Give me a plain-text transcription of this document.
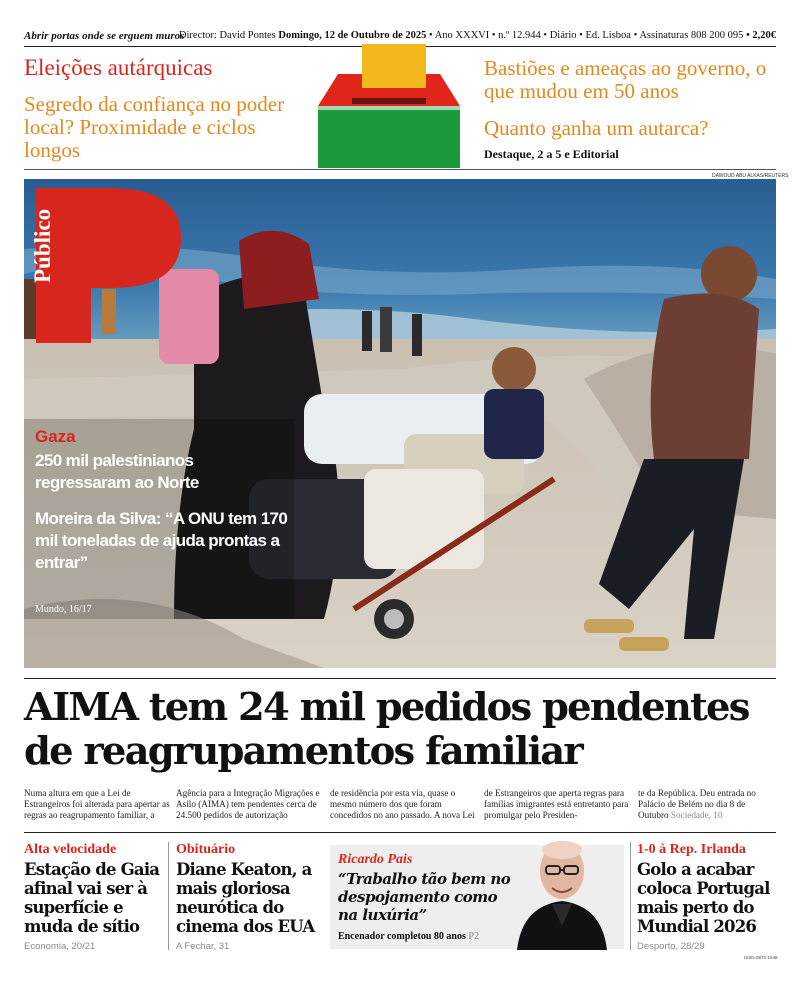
Abrir portas onde se erguem muros
Director: David Pontes Domingo, 12 de Outubro de 2025 • Ano XXXVI • n.º 12.944 • Diário • Ed. Lisboa • Assinaturas 808 200 095 • 2,20€
Eleições autárquicas
Segredo da confiança no poder local? Proximidade e ciclos longos
Bastiões e ameaças ao governo, o que mudou em 50 anos
Quanto ganha um autarca?
Destaque, 2 a 5 e Editorial
DAWOUD ABU ALKAS/REUTERS
Público
Gaza
250 mil palestinianos regressaram ao Norte
Moreira da Silva: “A ONU tem 170 mil toneladas de ajuda prontas a entrar”
Mundo, 16/17
AIMA tem 24 mil pedidos pendentes de reagrupamentos familiar
Numa altura em que a Lei de Estrangeiros foi alterada para apertar as regras ao reagrupamento familiar, a
Agência para a Integração Migrações e Asilo (AIMA) tem pendentes cerca de 24.500 pedidos de autorização
de residência por esta via, quase o mesmo número dos que foram concedidos no ano passado. A nova Lei
de Estrangeiros que aperta regras para famílias imigrantes está entretanto para promulgar pelo Presiden-
te da República. Deu entrada no Palácio de Belém no dia 8 de Outubro Sociedade, 10
Alta velocidade
Estação de Gaia afinal vai ser à superfície e muda de sítio
Economia, 20/21
Obituário
Diane Keaton, a mais gloriosa neurótica do cinema dos EUA
A Fechar, 31
Ricardo Pais
“Trabalho tão bem no despojamento como na luxúria”
Encenador completou 80 anos P2
1-0 à Rep. Irlanda
Golo a acabar coloca Portugal mais perto do Mundial 2026
Desporto, 28/29
ISSN-0872-1548
